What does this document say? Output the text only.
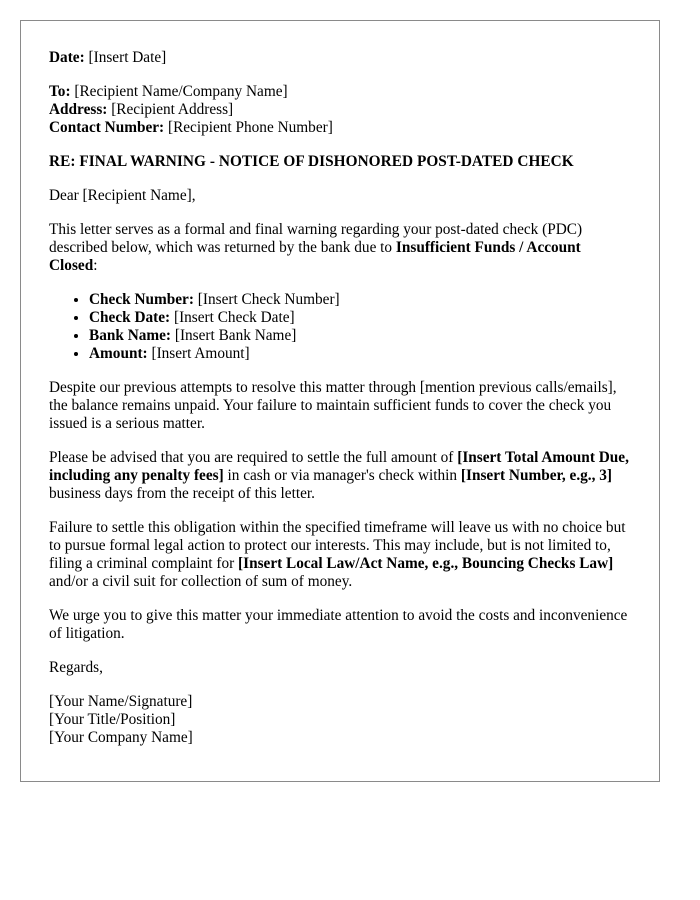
Date: [Insert Date]
To: [Recipient Name/Company Name]
Address: [Recipient Address]
Contact Number: [Recipient Phone Number]
RE: FINAL WARNING - NOTICE OF DISHONORED POST-DATED CHECK

Dear [Recipient Name],

This letter serves as a formal and final warning regarding your post-dated check (PDC) described below, which was returned by the bank due to Insufficient Funds / Account Closed:

• Check Number: [Insert Check Number]
• Check Date: [Insert Check Date]
• Bank Name: [Insert Bank Name]
• Amount: [Insert Amount]

Despite our previous attempts to resolve this matter through [mention previous calls/emails], the balance remains unpaid. Your failure to maintain sufficient funds to cover the check you issued is a serious matter.

Please be advised that you are required to settle the full amount of [Insert Total Amount Due, including any penalty fees] in cash or via manager's check within [Insert Number, e.g., 3] business days from the receipt of this letter.

Failure to settle this obligation within the specified timeframe will leave us with no choice but to pursue formal legal action to protect our interests. This may include, but is not limited to, filing a criminal complaint for [Insert Local Law/Act Name, e.g., Bouncing Checks Law] and/or a civil suit for collection of sum of money.

We urge you to give this matter your immediate attention to avoid the costs and inconvenience of litigation.

Regards,

[Your Name/Signature]
[Your Title/Position]
[Your Company Name]
